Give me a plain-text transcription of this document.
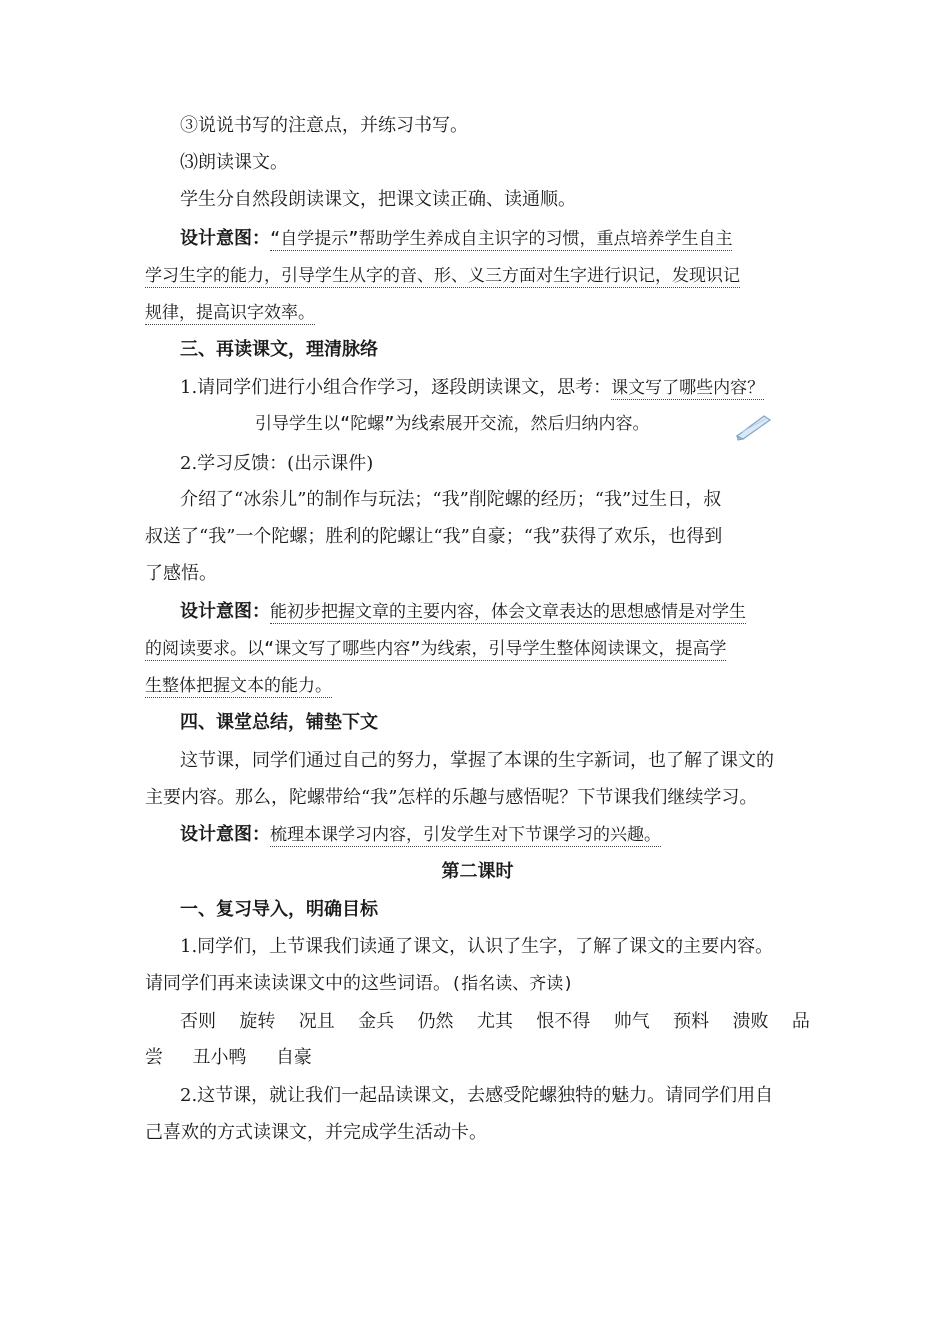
③说说书写的注意点，并练习书写。
⑶朗读课文。
学生分自然段朗读课文，把课文读正确、读通顺。
设计意图：“自学提示”帮助学生养成自主识字的习惯，重点培养学生自主
学习生字的能力，引导学生从字的音、形、义三方面对生字进行识记，发现识记
规律，提高识字效率。
三、再读课文，理清脉络
1.请同学们进行小组合作学习，逐段朗读课文，思考：课文写了哪些内容？
引导学生以“陀螺”为线索展开交流，然后归纳内容。
2.学习反馈：(出示课件)
介绍了“冰尜儿”的制作与玩法；“我”削陀螺的经历；“我”过生日，叔
叔送了“我”一个陀螺；胜利的陀螺让“我”自豪；“我”获得了欢乐，也得到
了感悟。
设计意图：能初步把握文章的主要内容，体会文章表达的思想感情是对学生
的阅读要求。以“课文写了哪些内容”为线索，引导学生整体阅读课文，提高学
生整体把握文本的能力。
四、课堂总结，铺垫下文
这节课，同学们通过自己的努力，掌握了本课的生字新词，也了解了课文的
主要内容。那么，陀螺带给“我”怎样的乐趣与感悟呢？下节课我们继续学习。
设计意图：梳理本课学习内容，引发学生对下节课学习的兴趣。
第二课时
一、复习导入，明确目标
1.同学们，上节课我们读通了课文，认识了生字，了解了课文的主要内容。
请同学们再来读读课文中的这些词语。(指名读、齐读)
否则 旋转 况且 金兵 仍然 尤其 恨不得 帅气 预料 溃败 品
尝 丑小鸭 自豪
2.这节课，就让我们一起品读课文，去感受陀螺独特的魅力。请同学们用自
己喜欢的方式读课文，并完成学生活动卡。
